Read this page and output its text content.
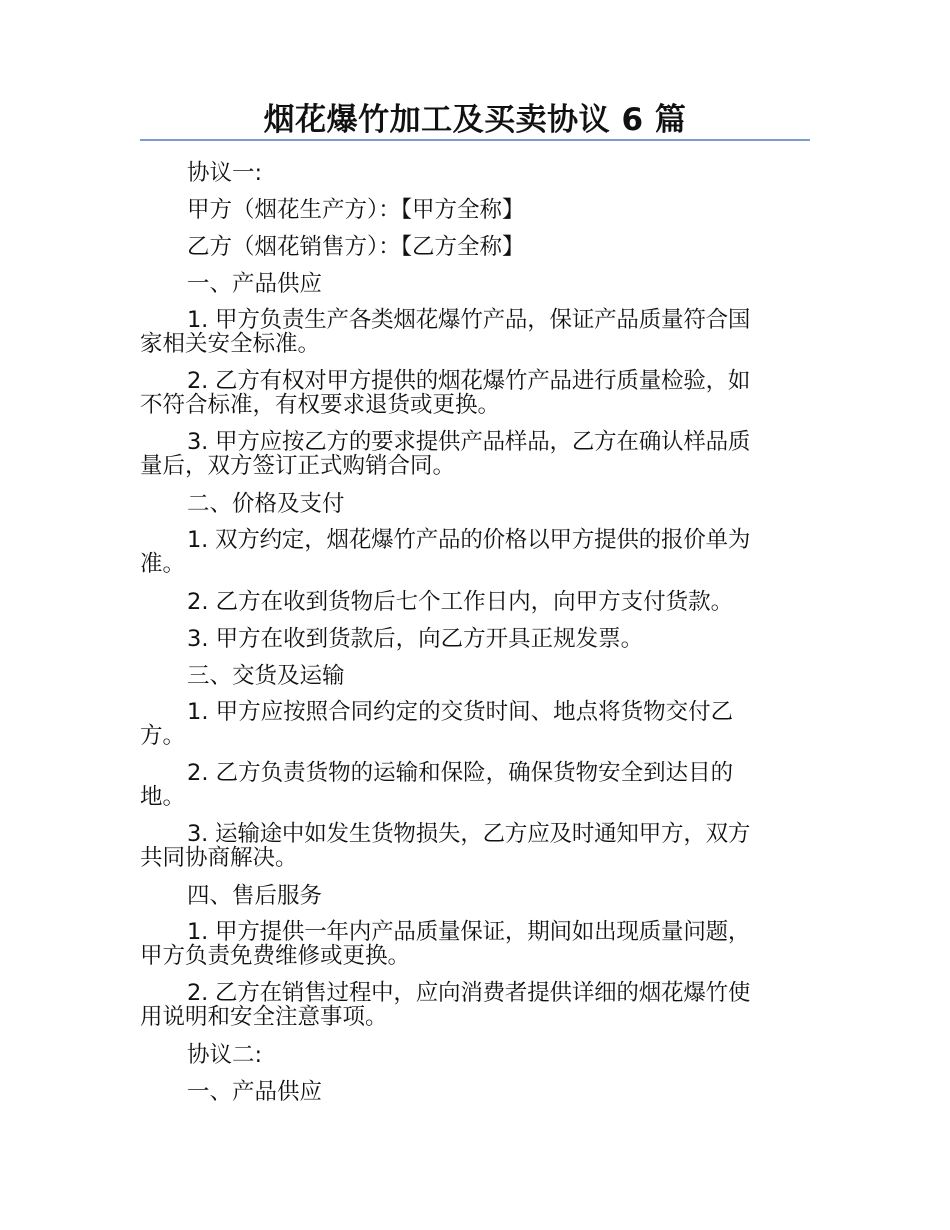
烟花爆竹加工及买卖协议 6 篇
协议一:
甲方（烟花生产方）：【甲方全称】
乙方（烟花销售方）：【乙方全称】
一、产品供应
1. 甲方负责生产各类烟花爆竹产品，保证产品质量符合国
家相关安全标准。
2. 乙方有权对甲方提供的烟花爆竹产品进行质量检验，如
不符合标准，有权要求退货或更换。
3. 甲方应按乙方的要求提供产品样品，乙方在确认样品质
量后，双方签订正式购销合同。
二、价格及支付
1. 双方约定，烟花爆竹产品的价格以甲方提供的报价单为
准。
2. 乙方在收到货物后七个工作日内，向甲方支付货款。
3. 甲方在收到货款后，向乙方开具正规发票。
三、交货及运输
1. 甲方应按照合同约定的交货时间、地点将货物交付乙
方。
2. 乙方负责货物的运输和保险，确保货物安全到达目的
地。
3. 运输途中如发生货物损失，乙方应及时通知甲方，双方
共同协商解决。
四、售后服务
1. 甲方提供一年内产品质量保证，期间如出现质量问题，
甲方负责免费维修或更换。
2. 乙方在销售过程中，应向消费者提供详细的烟花爆竹使
用说明和安全注意事项。
协议二:
一、产品供应
